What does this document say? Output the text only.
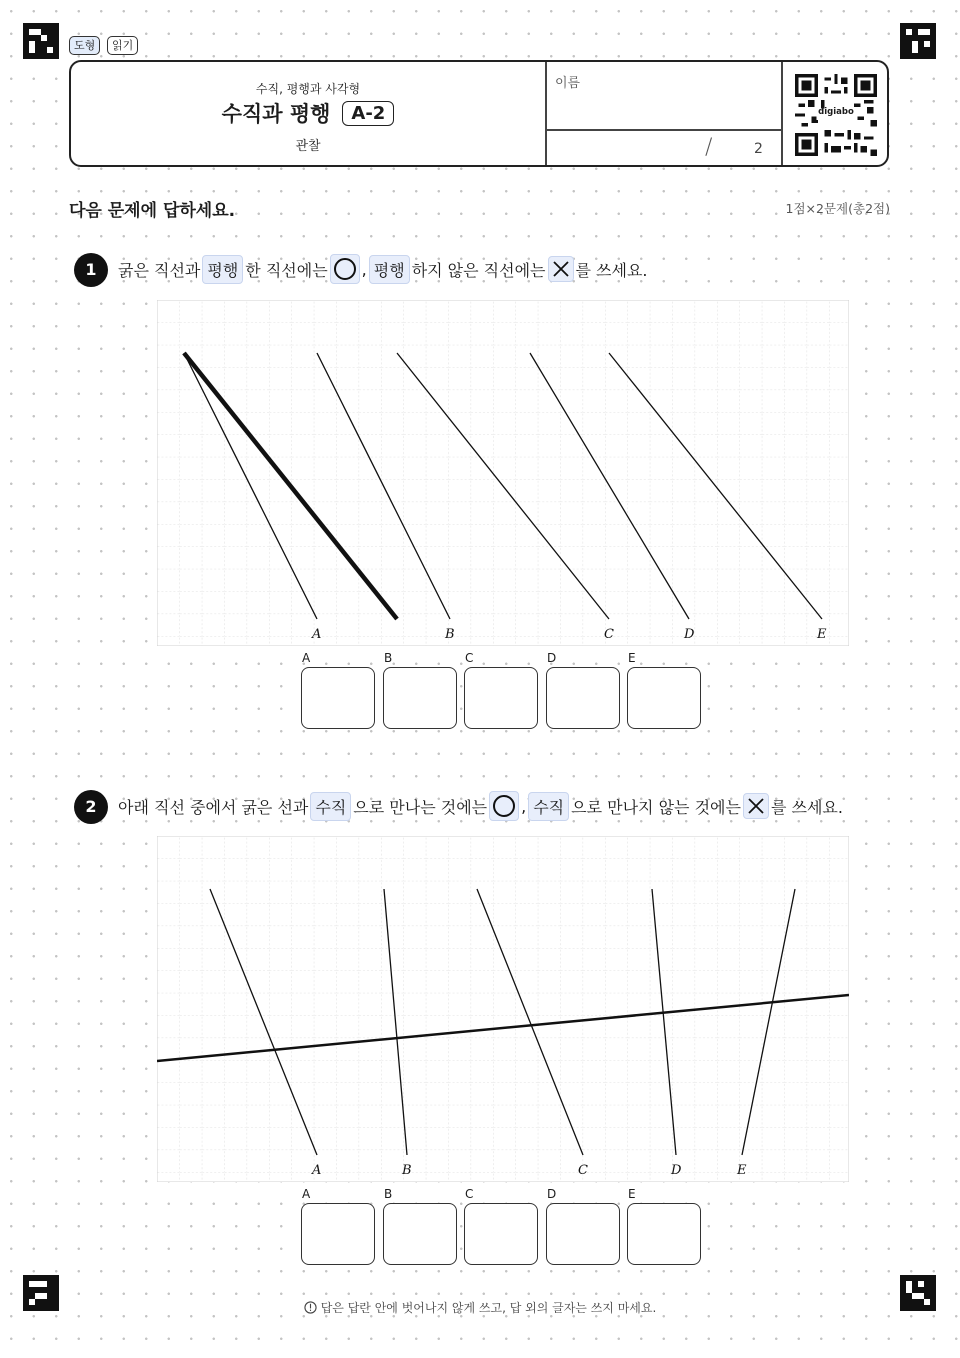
도형	읽기
수직, 평행과 사각형
수직과 평행	A-2
관찰
이름
/	2
digiabo
다음 문제에 답하세요.	1점×2문제(총2점)
1	굵은 직선과 평행 한 직선에는 , 평행 하지 않은 직선에는 ☒ 를 쓰세요.
A	B	C	D	E
A	B	C	D	E
2	아래 직선 중에서 굵은 선과 수직 으로 만나는 것에는 , 수직 으로 만나지 않는 것에는 ☒ 를 쓰세요.
A	B	C	D	E
A	B	C	D	E
답은 답란 안에 벗어나지 않게 쓰고, 답 외의 글자는 쓰지 마세요.
